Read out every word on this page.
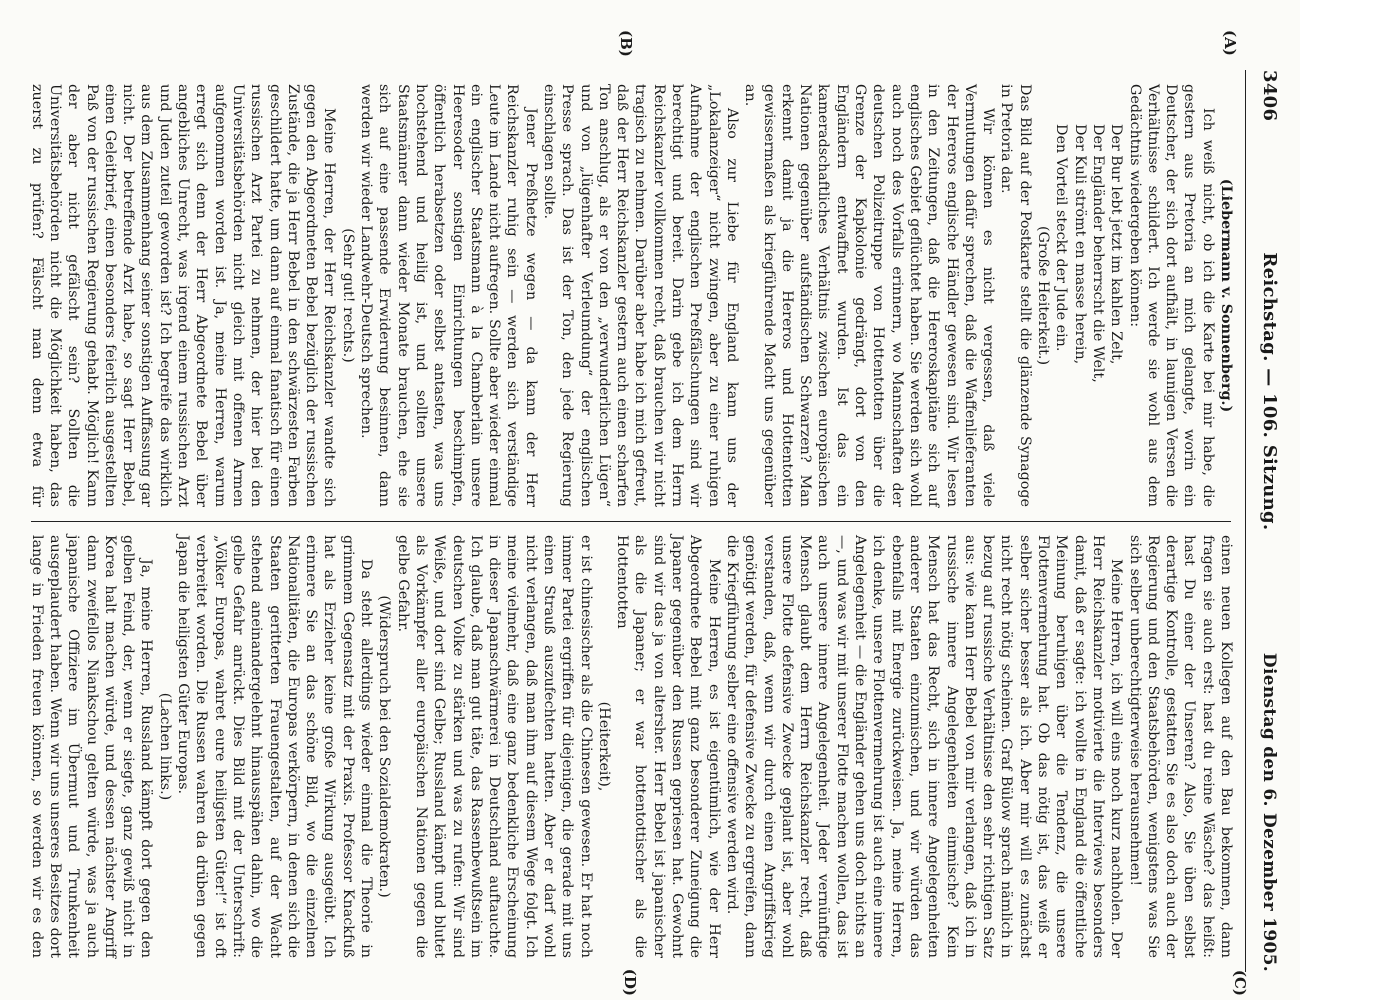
3406
Reichstag. — 106. Sitzung.
Dienstag den 6. Dezember 1905.
(A)
(B)
(C)
(D)

(Liebermann v. Sonnenberg.)

Ich weiß nicht, ob ich die Karte bei mir habe, die gestern aus Pretoria an mich gelangte, worin ein Deutscher, der sich dort aufhält, in launigen Versen die Verhältnisse schildert. Ich werde sie wohl aus dem Gedächtnis wiedergeben können:

Der Bur lebt jetzt im kahlen Zelt,

Der Engländer beherrscht die Welt,

Der Kuli strömt en masse herein,

Den Vorteil steckt der Jude ein.

(Große Heiterkeit.)

Das Bild auf der Postkarte stellt die glänzende Synagoge in Pretoria dar.

Wir können es nicht vergessen, daß viele Vermutungen dafür sprechen, daß die Waffenlieferanten der Hereros englische Händler gewesen sind. Wir lesen in den Zeitungen, daß die Hereroskapitäne sich auf englisches Gebiet geflüchtet haben. Sie werden sich wohl auch noch des Vorfalls erinnern, wo Mannschaften der deutschen Polizeitruppe von Hottentotten über die Grenze der Kapkolonie gedrängt, dort von den Engländern entwaffnet wurden. Ist das ein kameradschaftliches Verhältnis zwischen europäischen Nationen gegenüber aufständischen Schwarzen? Man erkennt damit ja die Hereros und Hottentotten gewissermaßen als kriegführende Macht uns gegenüber an.

Also zur Liebe für England kann uns der „Lokalanzeiger“ nicht zwingen, aber zu einer ruhigen Aufnahme der englischen Preßfälschungen sind wir berechtigt und bereit. Darin gebe ich dem Herrn Reichskanzler vollkommen recht, daß brauchen wir nicht tragisch zu nehmen. Darüber aber habe ich mich gefreut, daß der Herr Reichskanzler gestern auch einen scharfen Ton anschlug, als er von den „verwunderlichen Lügen“ und von „lügenhafter Verleumdung“ der englischen Presse sprach. Das ist der Ton, den jede Regierung einschlagen sollte.

Jener Preßhetze wegen — da kann der Herr Reichskanzler ruhig sein — werden sich verständige Leute im Lande nicht aufregen. Sollte aber wieder einmal ein englischer Staatsmann à la Chamberlain unsere Heeresoder sonstigen Einrichtungen beschimpfen, öffentlich herabsetzen oder selbst antasten, was uns hochstehend und heilig ist, und sollten unsere Staatsmänner dann wieder Monate brauchen, ehe sie sich auf eine passende Erwiderung besinnen, dann werden wir wieder Landwehr-Deutsch sprechen.

(Sehr gut! rechts.)

Meine Herren, der Herr Reichskanzler wandte sich gegen den Abgeordneten Bebel bezüglich der russischen Zustände, die ja Herr Bebel in den schwärzesten Farben geschildert hatte, um dann auf einmal fanatisch für einen russischen Arzt Partei zu nehmen, der hier bei den Universitätsbehörden nicht gleich mit offenen Armen aufgenommen worden ist. Ja, meine Herren, warum erregt sich denn der Herr Abgeordnete Bebel über angebliches Unrecht, was irgend einem russischen Arzt und Juden zuteil geworden ist? Ich begreife das wirklich aus dem Zusammenhang seiner sonstigen Auffassung gar nicht. Der betreffende Arzt habe, so sagt Herr Bebel, einen Geleitbrief, einen besonders feierlich ausgestellten Paß von der russischen Regierung gehabt. Möglich! Kann der aber nicht gefälscht sein? Sollten die Universitätsbehörden nicht die Möglichkeit haben, das zuerst zu prüfen? Fälscht man denn etwa für

einen neuen Kollegen auf den Bau bekommen, dann fragen sie auch erst: hast du reine Wäsche? das heißt: hast Du einer der Unseren? Also, Sie üben selbst derartige Kontrolle, gestatten Sie es also doch auch der Regierung und den Staatsbehörden, wenigstens was Sie sich selber unberechtigterweise herausnehmen!

Meine Herren, ich will eins noch kurz nachholen. Der Herr Reichskanzler motivierte die Interviews besonders damit, daß er sagte: ich wollte in England die öffentliche Meinung beruhigen über die Tendenz, die unsere Flottenvermehrung hat. Ob das nötig ist, das weiß er selber sicher besser als ich. Aber mir will es zunächst nicht recht nötig scheinen. Graf Bülow sprach nämlich in bezug auf russische Verhältnisse den sehr richtigen Satz aus: wie kann Herr Bebel von mir verlangen, daß ich in russische innere Angelegenheiten einmische? Kein Mensch hat das Recht, sich in innere Angelegenheiten anderer Staaten einzumischen, und wir würden das ebenfalls mit Energie zurückweisen. Ja, meine Herren, ich denke, unsere Flottenvermehrung ist auch eine innere Angelegenheit — die Engländer gehen uns doch nichts an —, und was wir mit unserer Flotte machen wollen, das ist auch unsere innere Angelegenheit. Jeder vernünftige Mensch glaubt dem Herrn Reichskanzler recht, daß unsere Flotte defensive Zwecke geplant ist, aber wohl verstanden, daß, wenn wir durch einen Angriffskrieg genötigt werden, für defensive Zwecke zu ergreifen, dann die Kriegführung selber eine offensive werden wird.

Meine Herren, es ist eigentümlich, wie der Herr Abgeordnete Bebel mit ganz besonderer Zuneigung die Japaner gegenüber den Russen gepriesen hat. Gewohnt sind wir das ja von altersher. Herr Bebel ist japanischer als die Japaner; er war hottentottischer als die Hottentotten

(Heiterkeit),

er ist chinesischer als die Chinesen gewesen. Er hat noch immer Partei ergriffen für diejenigen, die gerade mit uns einen Strauß auszufechten hatten. Aber er darf wohl nicht verlangen, daß man ihm auf diesem Wege folgt. Ich meine vielmehr, daß eine ganz bedenkliche Erscheinung in dieser Japanschwärmerei in Deutschland auftauchte. Ich glaube, daß man gut täte, das Rassenbewußtsein im deutschen Volke zu stärken und was zu rufen: Wir sind Weiße, und dort sind Gelbe; Russland kämpft und blutet als Vorkämpfer aller europäischen Nationen gegen die gelbe Gefahr.

(Widerspruch bei den Sozialdemokraten.)

Da steht allerdings wieder einmal die Theorie in grimmem Gegensatz mit der Praxis. Professor Knackfuß hat als Erzieher keine große Wirkung ausgeübt. Ich erinnere Sie an das schöne Bild, wo die einzelnen Nationalitäten, die Europas verkörpern, in denen sich die Staaten geritterten Frauengestalten, auf der Wacht stehend aneinandergelehnt hinausspähen dahin, wo die gelbe Gefahr anrückt. Dies Bild mit der Unterschrift: „Völker Europas, wahret eure heiligsten Güter!“ ist oft verbreitet worden. Die Russen wahren da drüben gegen Japan die heiligsten Güter Europas.

(Lachen links.)

Ja, meine Herren, Russland kämpft dort gegen den gelben Feind, der, wenn er siegte, ganz gewiß nicht in Korea halt machen würde, und dessen nächster Angriff dann zweifellos Niankschou gelten würde, was ja auch japanische Offiziere im Übermut und Trunkenheit ausgeplaudert haben. Wenn wir uns unseres Besitzes dort lange in Frieden freuen können, so werden wir es den
